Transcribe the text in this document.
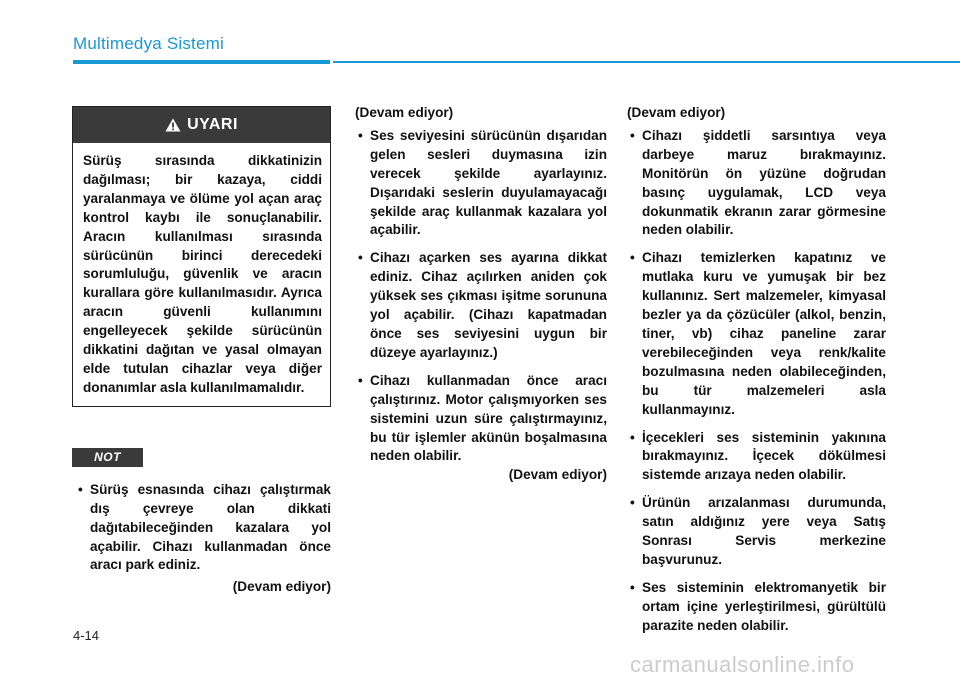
Multimedya Sistemi
UYARI
Sürüş sırasında dikkatinizin dağılması; bir kazaya, ciddi yaralanmaya ve ölüme yol açan araç kontrol kaybı ile sonuçlanabilir. Aracın kullanılması sırasında sürücünün birinci derecedeki sorumluluğu, güvenlik ve aracın kurallara göre kullanılmasıdır. Ayrıca aracın güvenli kullanımını engelleyecek şekilde sürücünün dikkatini dağıtan ve yasal olmayan elde tutulan cihazlar veya diğer donanımlar asla kullanılmamalıdır.
NOT
• Sürüş esnasında cihazı çalıştırmak dış çevreye olan dikkati dağıtabileceğinden kazalara yol açabilir. Cihazı kullanmadan önce aracı park ediniz.
(Devam ediyor)
(Devam ediyor)
• Ses seviyesini sürücünün dışarıdan gelen sesleri duymasına izin verecek şekilde ayarlayınız. Dışarıdaki seslerin duyulamayacağı şekilde araç kullanmak kazalara yol açabilir.
• Cihazı açarken ses ayarına dikkat ediniz. Cihaz açılırken aniden çok yüksek ses çıkması işitme sorununa yol açabilir. (Cihazı kapatmadan önce ses seviyesini uygun bir düzeye ayarlayınız.)
• Cihazı kullanmadan önce aracı çalıştırınız. Motor çalışmıyorken ses sistemini uzun süre çalıştırmayınız, bu tür işlemler akünün boşalmasına neden olabilir.
(Devam ediyor)
(Devam ediyor)
• Cihazı şiddetli sarsıntıya veya darbeye maruz bırakmayınız. Monitörün ön yüzüne doğrudan basınç uygulamak, LCD veya dokunmatik ekranın zarar görmesine neden olabilir.
• Cihazı temizlerken kapatınız ve mutlaka kuru ve yumuşak bir bez kullanınız. Sert malzemeler, kimyasal bezler ya da çözücüler (alkol, benzin, tiner, vb) cihaz paneline zarar verebileceğinden veya renk/kalite bozulmasına neden olabileceğinden, bu tür malzemeleri asla kullanmayınız.
• İçecekleri ses sisteminin yakınına bırakmayınız. İçecek dökülmesi sistemde arızaya neden olabilir.
• Ürünün arızalanması durumunda, satın aldığınız yere veya Satış Sonrası Servis merkezine başvurunuz.
• Ses sisteminin elektromanyetik bir ortam içine yerleştirilmesi, gürültülü parazite neden olabilir.
4-14
carmanualsonline.info
